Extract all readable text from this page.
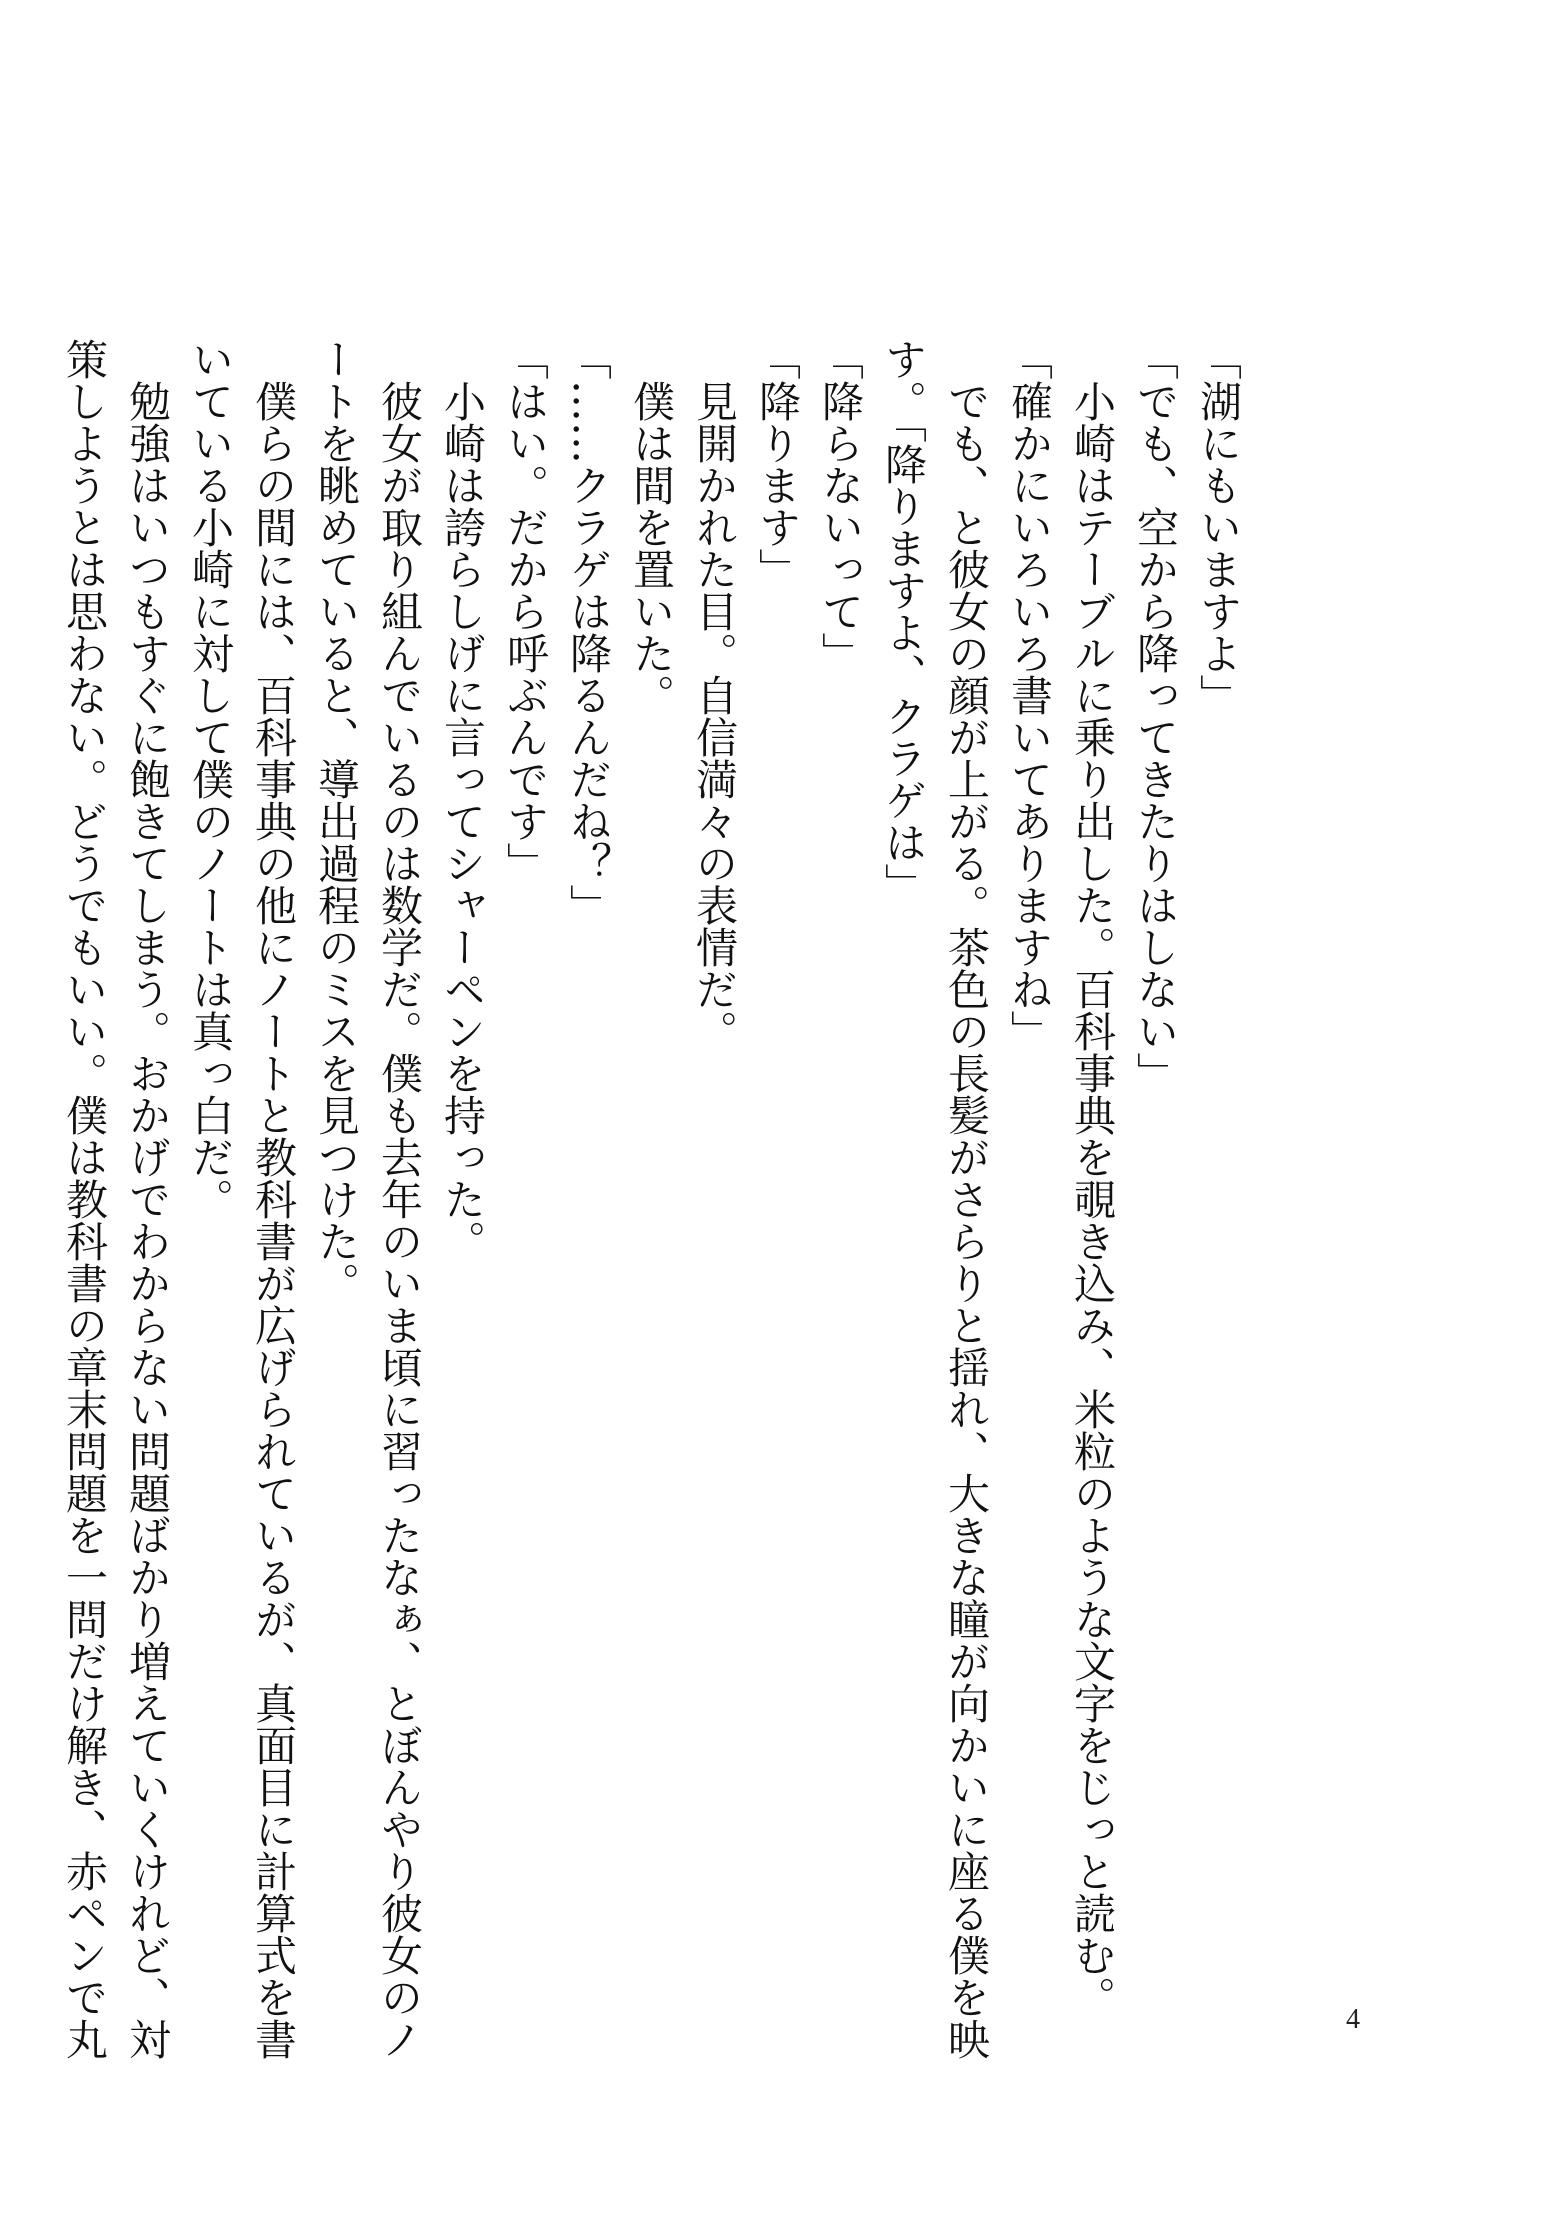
「湖にもいますよ」
「でも、空から降ってきたりはしない」
　小崎はテーブルに乗り出した。百科事典を覗き込み、米粒のような文字をじっと読む。
「確かにいろいろ書いてありますね」
　でも、と彼女の顔が上がる。茶色の長髪がさらりと揺れ、大きな瞳が向かいに座る僕を映
す。「降りますよ、クラゲは」
「降らないって」
「降ります」
　見開かれた目。自信満々の表情だ。
　僕は間を置いた。
「……クラゲは降るんだね？」
「はい。だから呼ぶんです」
　小崎は誇らしげに言ってシャーペンを持った。
　彼女が取り組んでいるのは数学だ。僕も去年のいま頃に習ったなぁ、とぼんやり彼女のノ
ートを眺めていると、導出過程のミスを見つけた。
　僕らの間には、百科事典の他にノートと教科書が広げられているが、真面目に計算式を書
いている小崎に対して僕のノートは真っ白だ。
　勉強はいつもすぐに飽きてしまう。おかげでわからない問題ばかり増えていくけれど、対
策しようとは思わない。どうでもいい。僕は教科書の章末問題を一問だけ解き、赤ペンで丸	4
